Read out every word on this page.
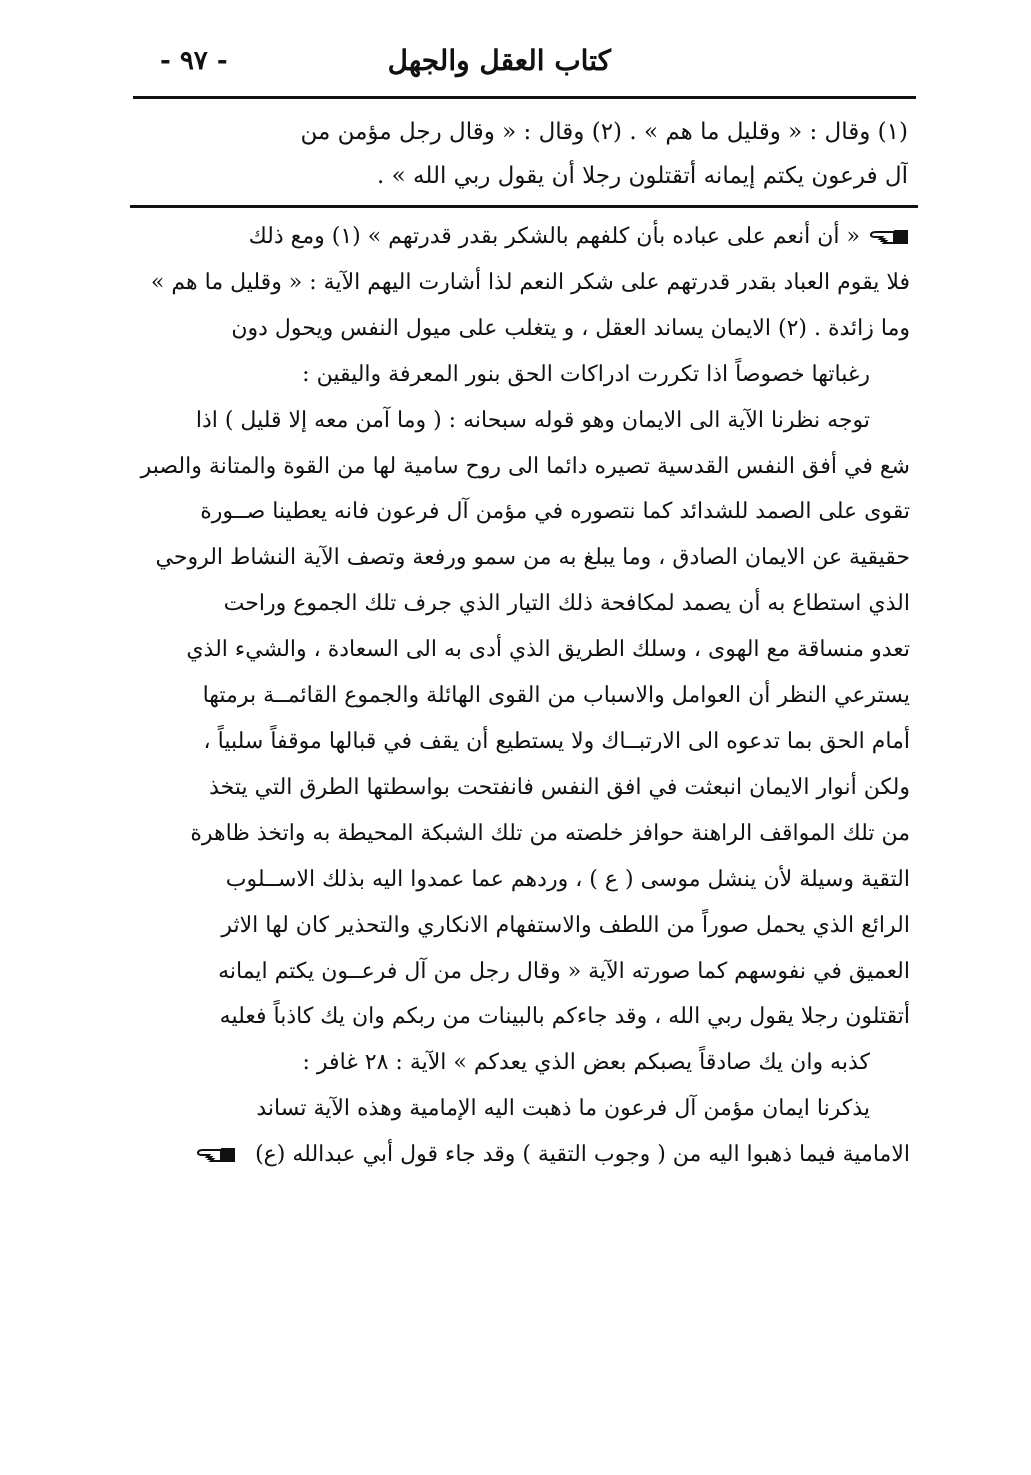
كتاب العقل والجهل
- ٩٧ -
(١) وقال : « وقليل ما هم » . (٢) وقال : « وقال رجل مؤمن من
آل فرعون يكتم إيمانه أتقتلون رجلا أن يقول ربي الله » .
« أن أنعم على عباده بأن كلفهم بالشكر بقدر قدرتهم » (١) ومع ذلك
فلا يقوم العباد بقدر قدرتهم على شكر النعم لذا أشارت اليهم الآية : « وقليل ما هم »
وما زائدة . (٢) الايمان يساند العقل ، و يتغلب على ميول النفس ويحول دون
رغباتها خصوصاً اذا تكررت ادراكات الحق بنور المعرفة واليقين :
توجه نظرنا الآية الى الايمان وهو قوله سبحانه : ( وما آمن معه إلا قليل ) اذا
شع في أفق النفس القدسية تصيره دائما الى روح سامية لها من القوة والمتانة والصبر
تقوى على الصمد للشدائد كما نتصوره في مؤمن آل فرعون فانه يعطينا صــورة
حقيقية عن الايمان الصادق ، وما يبلغ به من سمو ورفعة وتصف الآية النشاط الروحي
الذي استطاع به أن يصمد لمكافحة ذلك التيار الذي جرف تلك الجموع وراحت
تعدو منساقة مع الهوى ، وسلك الطريق الذي أدى به الى السعادة ، والشيء الذي
يسترعي النظر أن العوامل والاسباب من القوى الهائلة والجموع القائمــة برمتها
أمام الحق بما تدعوه الى الارتبــاك ولا يستطيع أن يقف في قبالها موقفاً سلبياً ،
ولكن أنوار الايمان انبعثت في افق النفس فانفتحت بواسطتها الطرق التي يتخذ
من تلك المواقف الراهنة حوافز خلصته من تلك الشبكة المحيطة به واتخذ ظاهرة
التقية وسيلة لأن ينشل موسى ( ع ) ، وردهم عما عمدوا اليه بذلك الاســلوب
الرائع الذي يحمل صوراً من اللطف والاستفهام الانكاري والتحذير كان لها الاثر
العميق في نفوسهم كما صورته الآية « وقال رجل من آل فرعــون يكتم ايمانه
أتقتلون رجلا يقول ربي الله ، وقد جاءكم بالبينات من ربكم وان يك كاذباً فعليه
كذبه وان يك صادقاً يصبكم بعض الذي يعدكم » الآية : ٢٨ غافر :
يذكرنا ايمان مؤمن آل فرعون ما ذهبت اليه الإمامية وهذه الآية تساند
الامامية فيما ذهبوا اليه من ( وجوب التقية ) وقد جاء قول أبي عبدالله (ع)
